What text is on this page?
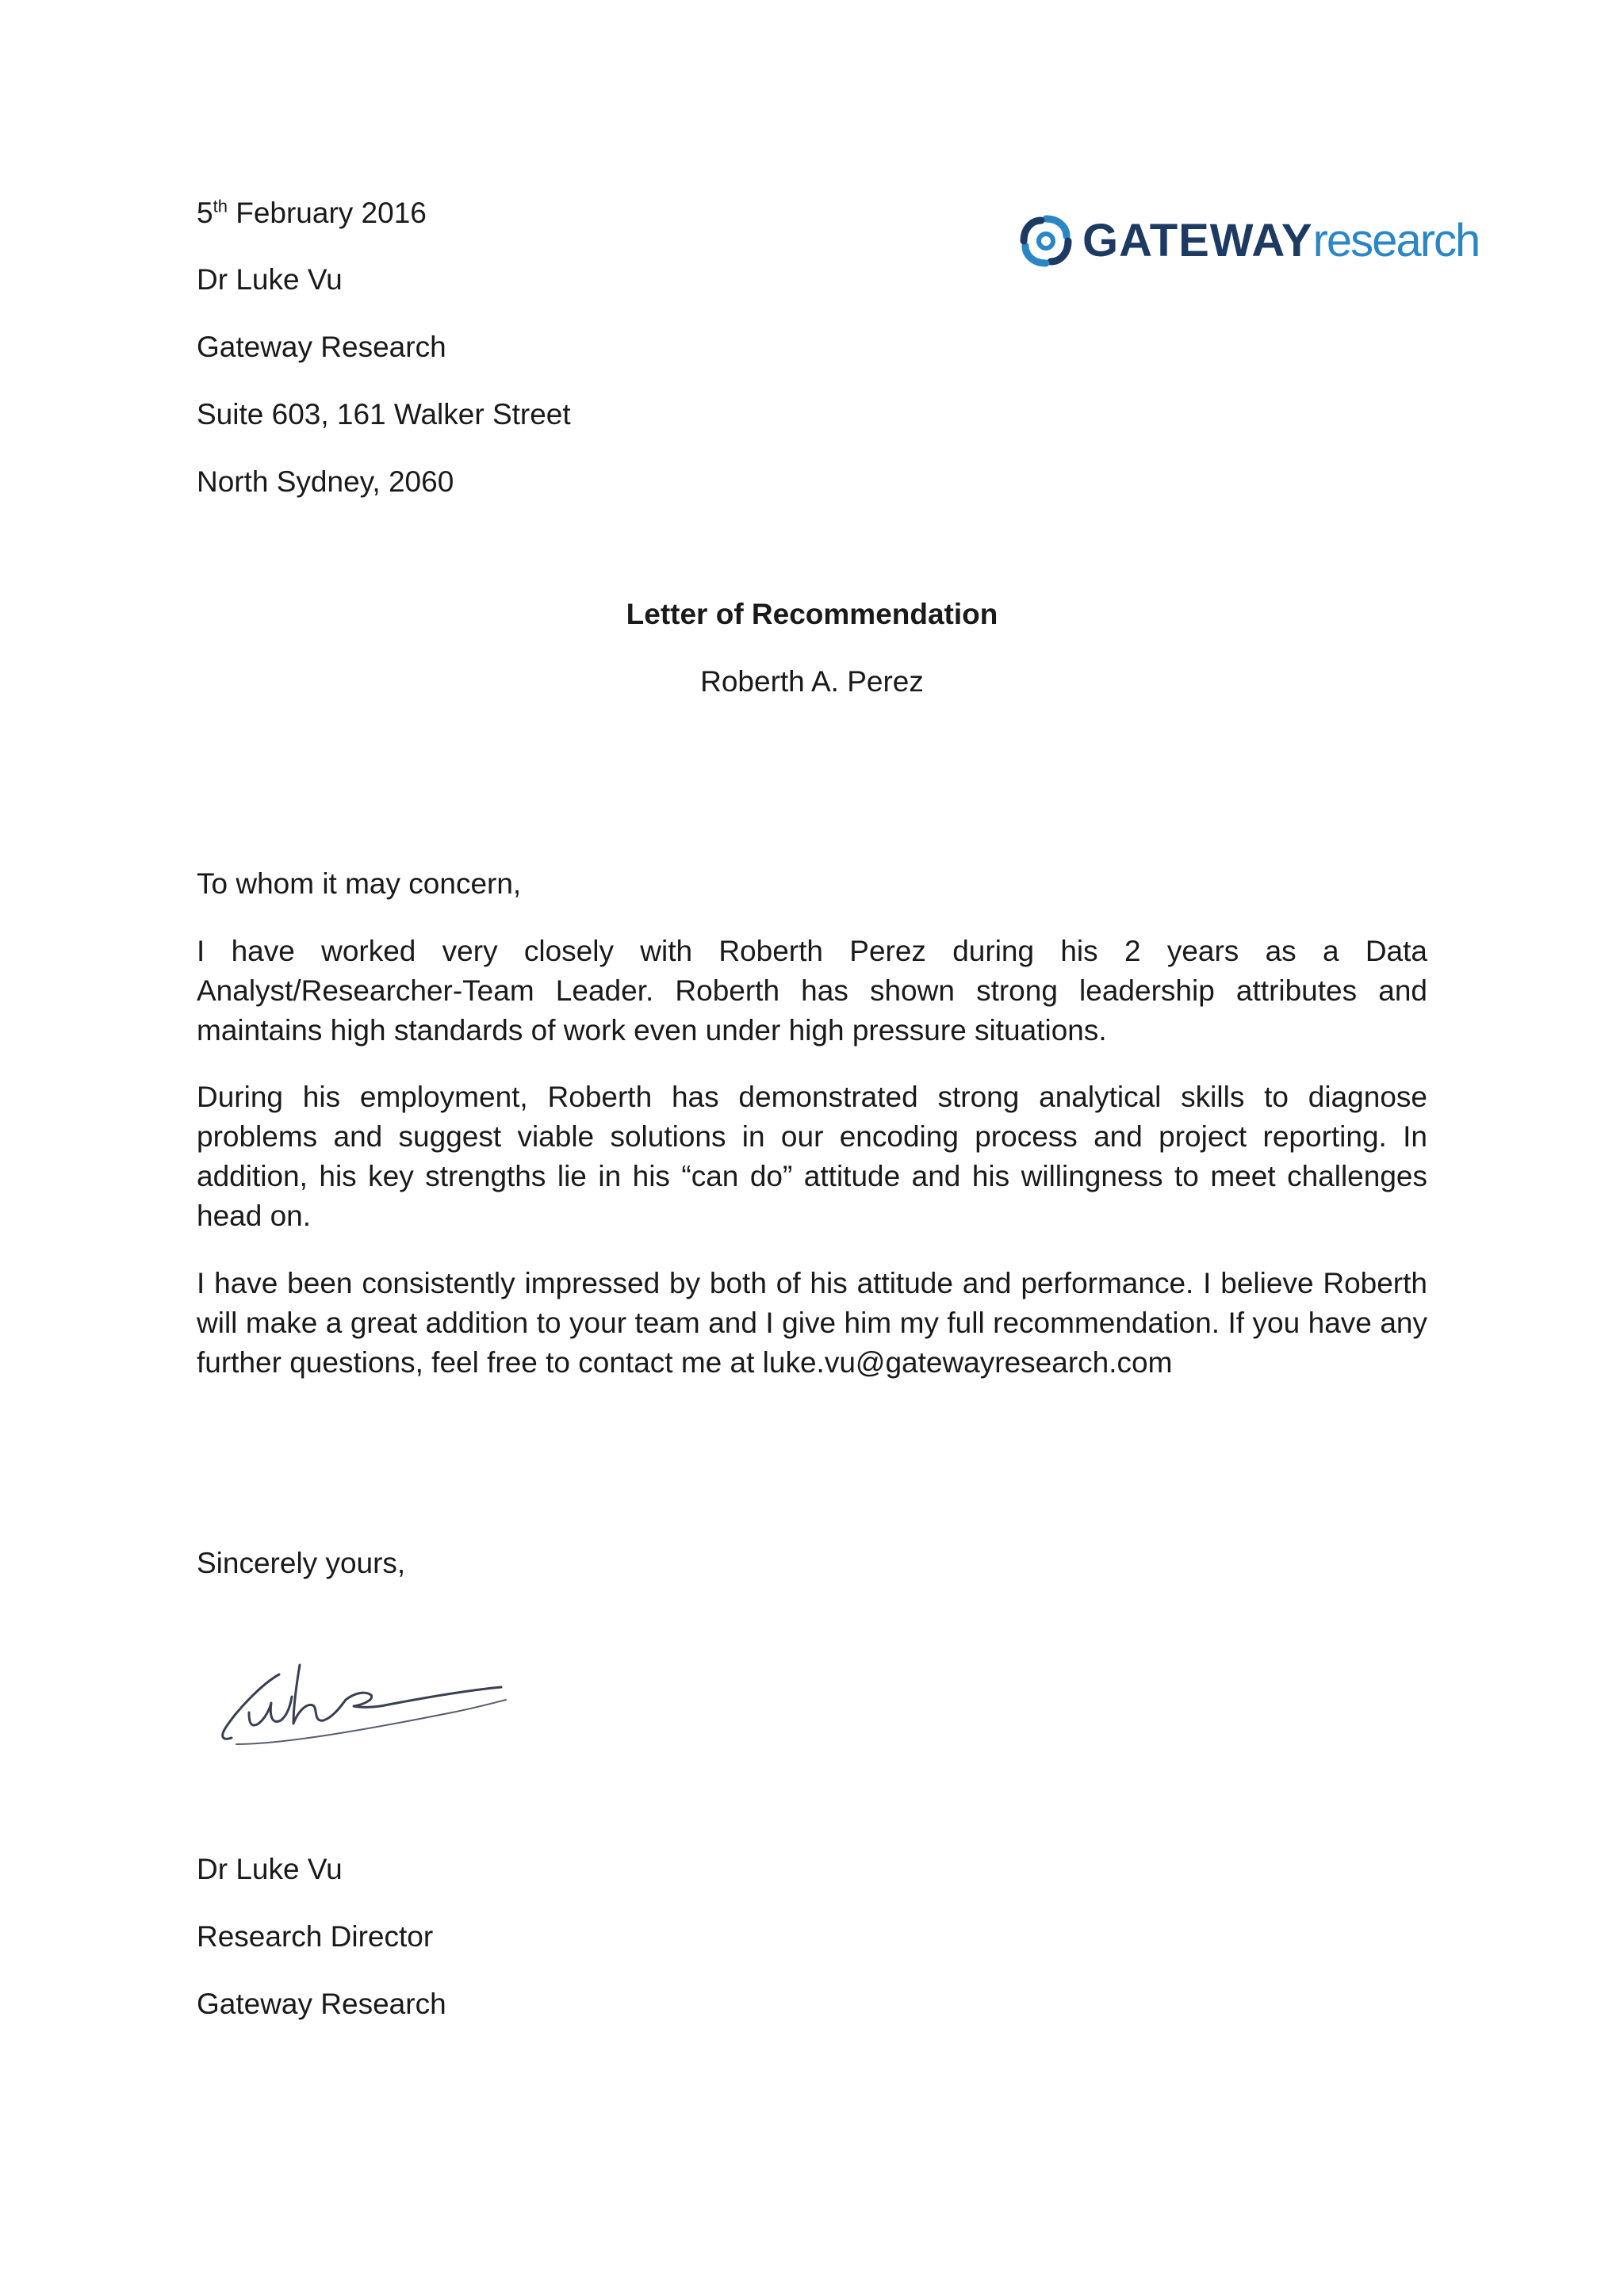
5th February 2016
Dr Luke Vu
Gateway Research
Suite 603, 161 Walker Street
North Sydney, 2060
GATEWAYresearch
Letter of Recommendation
Roberth A. Perez
To whom it may concern,
I have worked very closely with Roberth Perez during his 2 years as a Data Analyst/Researcher-Team Leader. Roberth has shown strong leadership attributes and maintains high standards of work even under high pressure situations.
During his employment, Roberth has demonstrated strong analytical skills to diagnose problems and suggest viable solutions in our encoding process and project reporting. In addition, his key strengths lie in his “can do” attitude and his willingness to meet challenges head on.
I have been consistently impressed by both of his attitude and performance. I believe Roberth will make a great addition to your team and I give him my full recommendation. If you have any further questions, feel free to contact me at luke.vu@gatewayresearch.com
Sincerely yours,
Dr Luke Vu
Research Director
Gateway Research
